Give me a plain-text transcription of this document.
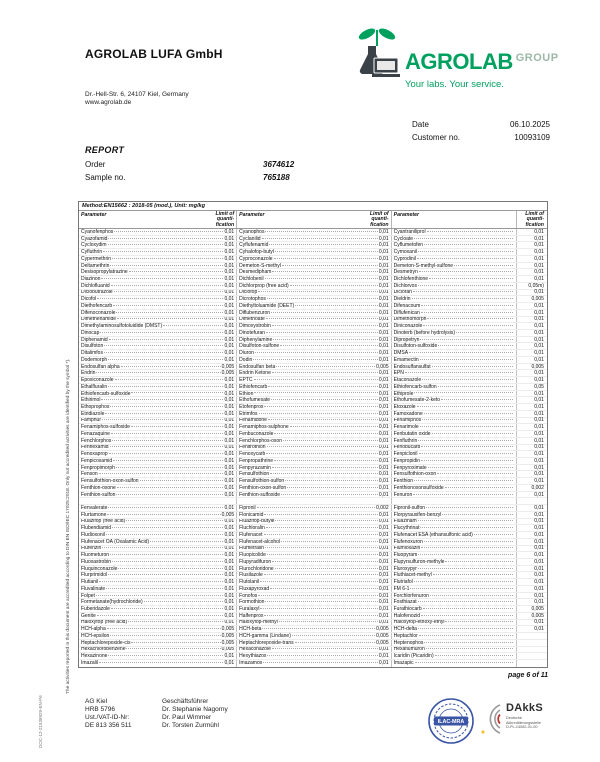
AGROLAB LUFA GmbH
Dr.-Hell-Str. 6, 24107 Kiel, Germany
www.agrolab.de
AGROLAB GROUP
Your labs. Your service.
Date	06.10.2025
Customer no.	10093109
REPORT
Order	3674612
Sample no.	765188
Method:EN15662 : 2018-05 (mod.), Unit: mg/kg
Parameter	Limit of
quanti-
fication
Parameter	Limit of
quanti-
fication
Parameter	Limit of
quanti-
fication
Cyanofenphos	0,01 Cyanophos	0,01 Cyantraniliprol	0,01
Cyazofamid	0,01 Cyclanilid	0,01 Cycloate	0,01
Cycloxydim	0,01 Cyflufenamid	0,01 Cyflumetofen	0,01
Cyfluthrin	0,01 Cyhalofop-butyl	0,01 Cymoxanil	0,01
Cypermethrin	0,01 Cyproconazole	0,01 Cyprodinil	0,01
Deltamethrin	0,01 Demeton-S-methyl	0,01 Demeton-S-methyl-sulfone	0,01
Desisopropylatrazine	0,01 Desmedipham	0,01 Desmetryn	0,01
Diazinon	0,01 Dichlobenil	0,01 Dichlofenthione	0,01
Dichlofluanid	0,01 Dichlorprop (free acid)	0,01 Dichlorvos	0,05m)
Diclobutrazole	0,01 Diclofop	0,01 Dicloran	0,01
Dicofol	0,01 Dicrotophos	0,01 Dieldrin	0,005
Diethofencarb	0,01 Diethyltoluamide (DEET)	0,01 Difenacoum	0,01
Difenoconazole	0,01 Diflubenzuron	0,01 Diflufenican	0,01
Dimethenamide	0,01 Dimethoate	0,01 Dimethomorph	0,01
Dimethylaminosulfotoluidide (DMST)	0,01 Dimoxystrobin	0,01 Diniconazole	0,01
Dinocap	0,01 Dinotefuran	0,01 Dinoterb (before hydrolysis)	0,01
Diphenamid	0,01 Diphenylamine	0,01 Dipropetryn	0,01
Disulfoton	0,01 Disulfoton-sulfone	0,01 Disulfoton-sulfoxide	0,01
Ditalimfos	0,01 Diuron	0,01 DMSA	0,01
Dodemorph	0,01 Dodin	0,01 Emamectin	0,01
Endosulfan alpha	0,005 Endosulfan beta	0,005 Endosulfansulfat	0,005
Endrin	0,005 Endrin Ketone	0,01 EPN	0,01
Epoxiconazole	0,01 EPTC	0,01 Etaconazole	0,01
Ethalfluralin	0,01 Ethiofencarb	0,01 Ethiofencarb-sulfon	0,05
Ethiofencarb-sulfoxide	0,01 Ethion	0,01 Ethiprole	0,01
Ethirimol	0,01 Ethofumesate	0,01 Ethofumesate-2-keto	0,01
Ethoprophos	0,01 Etofenprox	0,01 Etoxazole	0,01
Etridiazole	0,01 Etrimfos	0,01 Famoxadone	0,01
Famphur	0,01 Fenamidone	0,01 Fenamiphos	0,01
Fenamiphos-sulfoxide	0,01 Fenamiphos-sulphone	0,01 Fenarimole	0,01
Fenazaquine	0,01 Fenbuconazole	0,01 Fenbutatin oxide	0,01
Fenchlorphos	0,01 Fenchlorphos-oxon	0,01 Fenfluthrin	0,01
Fenhexamid	0,01 Fenitrothion	0,01 Fenobucarb	0,01
Fenoxaprop	0,01 Fenoxycarb	0,01 Fenpiclonil	0,01
Fenpicoxamid	0,01 Fenpropathrine	0,01 Fenpropidin	0,01
Fenpropimorph	0,01 Fenpyrazamin	0,01 Fenpyroximate	0,01
Fenson	0,01 Fensulfothion	0,01 Fensulfothion-oxon	0,01
Fensulfothion-oxon-sulfon	0,01 Fensulfothion-sulfon	0,01 Fenthion	0,01
Fenthion-oxone	0,01 Fenthion-oxon-sulfon	0,01 Fenthionoxonsulfoxide	0,002
Fenthion-sulfon	0,01 Fenthion-sulfoxide	0,01 Fenuron	0,01
Fenvalerate	0,01 Fipronil	0,002 Fipronil-sulfon	0,01
Flurtamone	0,005 Flonicamid	0,01 Florpyrauxifen-benzyl	0,01
Fluazifop (free acid)	0,01 Fluazifop-butyle	0,01 Fluazinam	0,01
Flubendiamid	0,01 Fluchloralin	0,01 Flucythrinat	0,01
Fludioxonil	0,01 Flufenacet	0,01 Flufenacet ESA (ethansulfonic acid)	0,01
Flufenacet OA (Oxalamic Acid)	0,01 Flufenacet-alcohol	0,01 Flufenoxuron	0,01
Flufenzin	0,01 Flumetralin	0,01 Flumioxazin	0,01
Fluometuron	0,01 Fluopicolide	0,01 Fluopyram	0,01
Fluoxastrobin	0,01 Flupyradifuron	0,01 Flupyrsulfuron-methyle	0,01
Fluquinconazole	0,01 Flurochloridone	0,01 Fluroxypyr	0,01
Flurprimidol	0,01 Flusilazole	0,01 Fluthiacet-methyl	0,01
Flutianil	0,01 Flutolanil	0,01 Flutriafol	0,01
Fluvalinate	0,01 Fluxapyroxad	0,01 FM 6-1	0,01
Folpet	0,01 Fonofos	0,01 Forchlorfenuron	0,01
Formetanate(hydrochloride)	0,01 Formothion	0,01 Fosthiazat	0,01
Fuberidazole	0,01 Furalaxyl	0,01 Furathiocarb	0,005
Genite	0,01 Halfenprox	0,01 Halofenozid	0,005
Haloxyfop (free acid)	0,01 Haloxyfop-methyl	0,01 Haloxyfop-ethoxy-ethyl	0,01
HCH-alpha	0,005 HCH-beta	0,005 HCH-delta	0,01
HCH-epsilon	0,005 HCH-gamma (Lindane)	0,005 Heptachlor
Heptachlorepoxide-cis	0,005 Heptachlorepoxide-trans	0,005 Heptenophos
Hexachlorobenzene	0,005 Hexaconazole	0,01 Hexaflumuron
Hexazinone	0,01 Hexythiazox	0,01 Icaridin (Picaridin)
Imazalil	0,01 Imazamox	0,01 Imazapic
page 6 of 11
AG Kiel
HRB 5796
Ust./VAT-ID-Nr:
DE 813 356 511
Geschäftsführer
Dr. Stephanie Nagorny
Dr. Paul Wimmer
Dr. Torsten Zurmühl	ILAC-MRA
DAkkS
Deutsche
Akkreditierungsstelle
D-PL-14082-01-00
The activities reported in this document are accredited according to DIN EN ISO/IEC 17025:2018. Only not accredited activities are identified by the symbol *).
DOC-12-21538929-EN-P6
